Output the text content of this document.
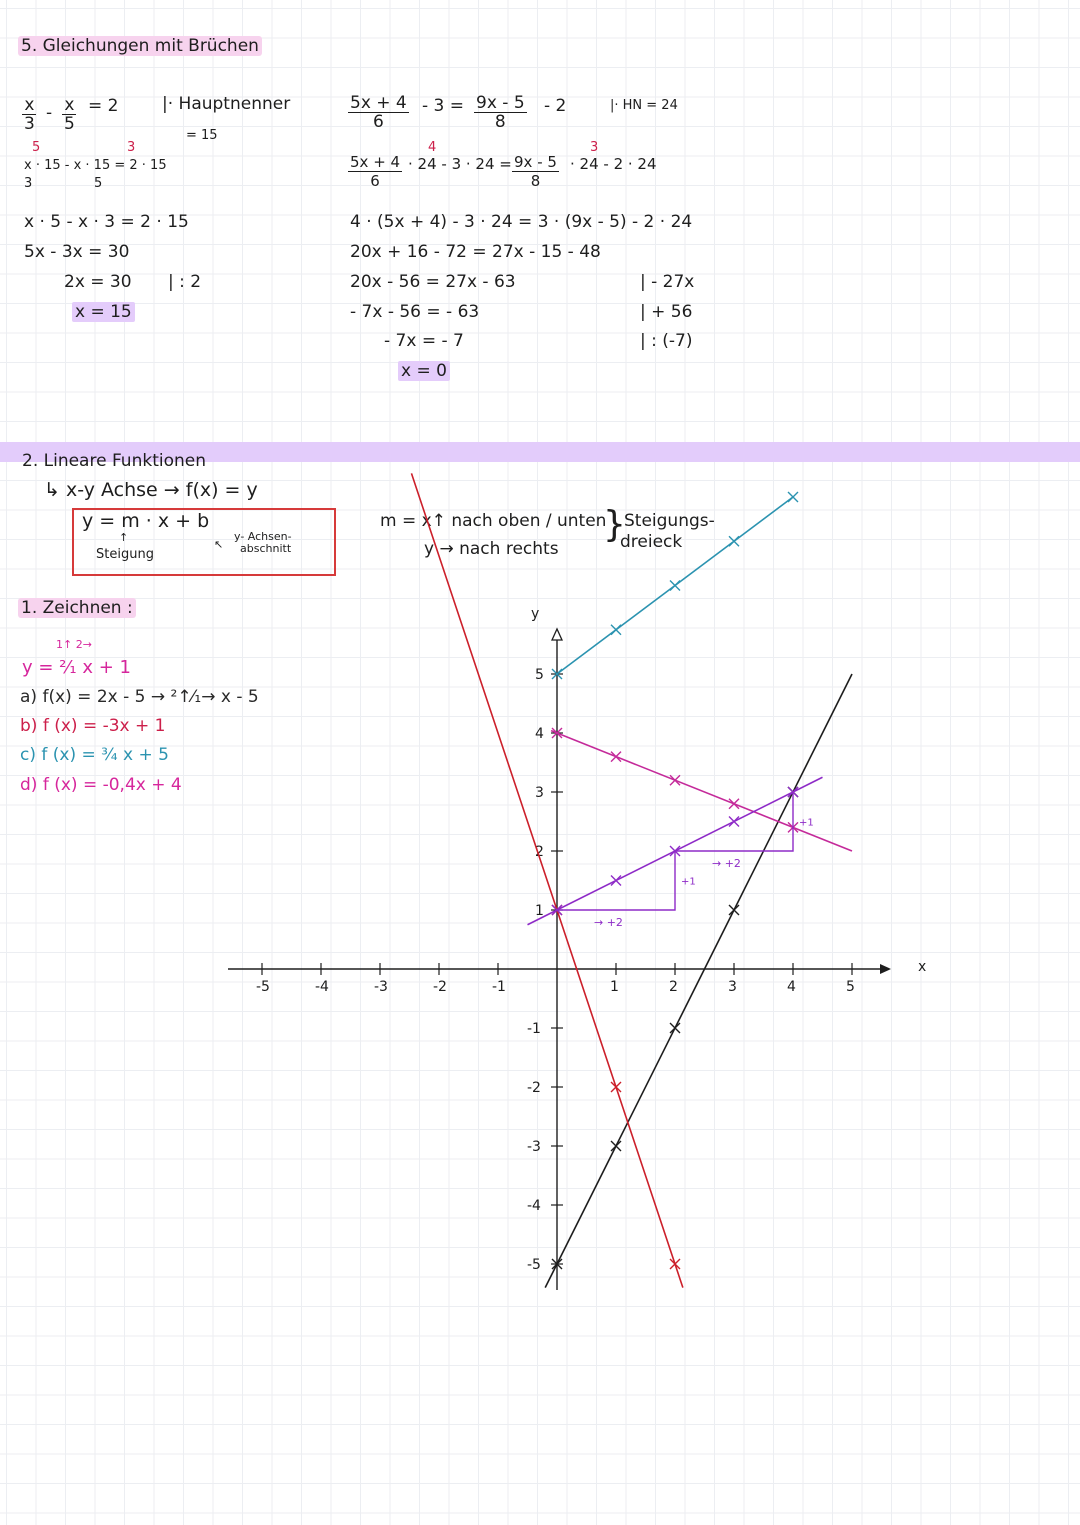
5. Gleichungen mit Brüchen
$\frac{x}{3} - \frac{x}{5} = 2$	|· Hauptnenner
= 15
5	3
x · 15 - x · 15 = 2 · 15
3	5
x · 5 - x · 3 = 2 · 15
5x - 3x = 30
2x = 30 | : 2
x = 15
$\frac{5x + 4}{6} - 3 = \frac{9x - 5}{8} - 2$	|· HN = 24
4	3
$\frac{5x + 4}{6} \cdot 24 - 3 \cdot 24 = \frac{9x - 5}{8} \cdot 24 - 2 \cdot 24$
4 · (5x + 4) - 3 · 24 = 3 · (9x - 5) - 2 · 24
20x + 16 - 72 = 27x - 15 - 48
20x - 56 = 27x - 63	| - 27x
- 7x - 56 = - 63	| + 56
- 7x = - 7	| : (-7)
x = 0
2. Lineare Funktionen
↳ x-y Achse → f(x) = y
y = m · x + b
↑
Steigung
↖
y- Achsen-
abschnitt
m = x↑ nach oben / unten
y → nach rechts
}
Steigungs-
dreieck
1. Zeichnen :
1↑ 2→
y = ²⁄₁ x + 1
a) f(x) = 2x - 5 → ²↑⁄₁→ x - 5
b) f (x) = -3x + 1
c) f (x) = ¾ x + 5
d) f (x) = -0,4x + 4
x
y
-5	-4	-3	-2	-1	1	2	3	4	5
5
4
3
2
1
-1
-2
-3
-4
-5
→ +2
+1
→ +2
+1
